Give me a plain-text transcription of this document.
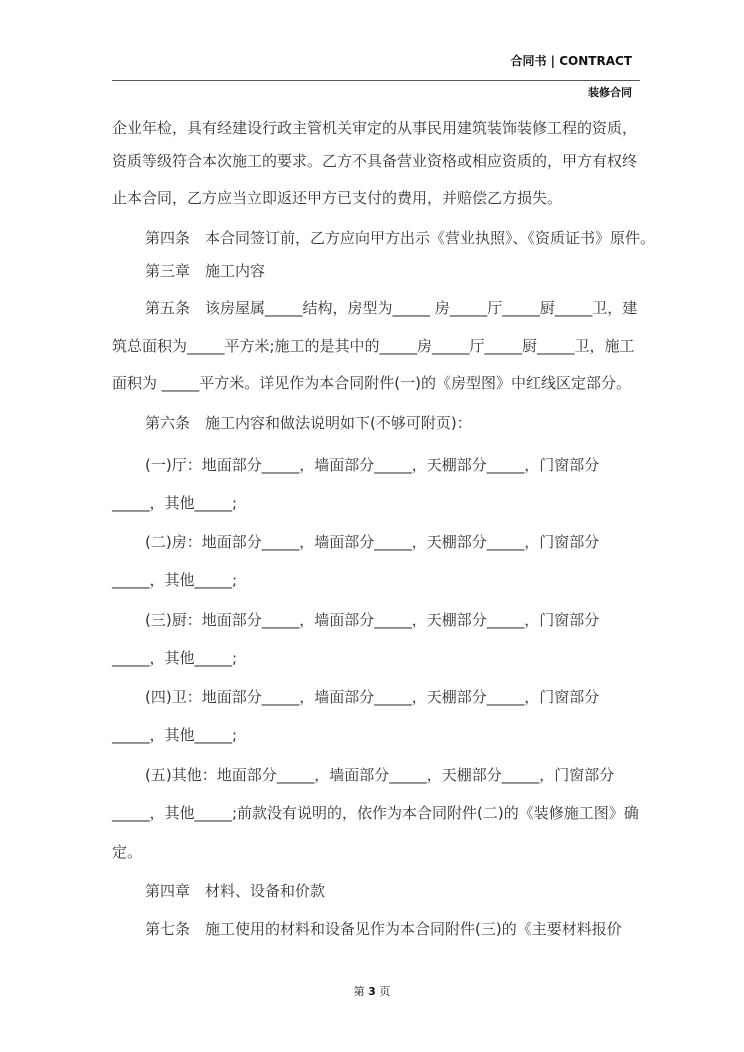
合同书 | CONTRACT
装修合同
企业年检，具有经建设行政主管机关审定的从事民用建筑装饰装修工程的资质，
资质等级符合本次施工的要求。乙方不具备营业资格或相应资质的，甲方有权终
止本合同，乙方应当立即返还甲方已支付的费用，并赔偿乙方损失。
第四条　本合同签订前，乙方应向甲方出示《营业执照》、《资质证书》原件。
第三章　施工内容
第五条　该房屋属_____结构，房型为_____ 房_____厅_____厨_____卫，建
筑总面积为_____平方米;施工的是其中的_____房_____厅_____厨_____卫，施工
面积为 _____平方米。详见作为本合同附件(一)的《房型图》中红线区定部分。
第六条　施工内容和做法说明如下(不够可附页)：
(一)厅：地面部分_____，墙面部分_____，天棚部分_____，门窗部分
_____，其他_____;
(二)房：地面部分_____，墙面部分_____，天棚部分_____，门窗部分
_____，其他_____;
(三)厨：地面部分_____，墙面部分_____，天棚部分_____，门窗部分
_____，其他_____;
(四)卫：地面部分_____，墙面部分_____，天棚部分_____，门窗部分
_____，其他_____;
(五)其他：地面部分_____，墙面部分_____，天棚部分_____，门窗部分
_____，其他_____;前款没有说明的，依作为本合同附件(二)的《装修施工图》确
定。
第四章　材料、设备和价款
第七条　施工使用的材料和设备见作为本合同附件(三)的《主要材料报价
第 3 页
